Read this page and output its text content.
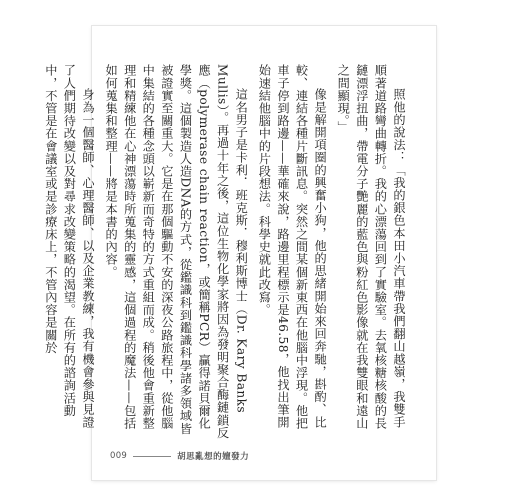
照他的說法：「我的銀色本田小汽車帶我們翻山越嶺，我雙手順著道路彎曲轉折。我的心漂蕩回到了實驗室。去氧核糖核酸的長鏈漂浮扭曲，帶電分子艷麗的藍色與粉紅色影像就在我雙眼和遠山之間顯現。」

像是解開項圈的興奮小狗，他的思緒開始來回奔馳，斟酌、比較、連結各種片斷訊息。突然之間某個新東西在他腦中浮現。他把車子停到路邊——華確來說，路邊里程標示是46.58，他找出筆開始速結他腦中的片段想法。科學史就此改寫。

這名男子是卡利．班克斯．穆利斯博士（Dr. Kary Banks Mullis）。再過十年之後，這位生物化學家將因為發明聚合酶鏈鎖反應（polymerase chain reaction，或簡稱PCR）贏得諾貝爾化學獎。這個製造人造DNA的方式，從鑑識科到鑑識科學諸多領域皆被證實至關重大。它是在那個驅動不安的深夜公路旅程中，從他腦中集結的各種念頭以嶄新而奇特的方式重組而成。稍後他會重新整理和精練他在心神漂蕩時所蒐集的靈感，這個過程的魔法——包括如何蒐集和整理——將是本書的內容。

身為一個醫師、心理醫師、以及企業教練，我有機會參與見證了人們期待改變以及對尋求改變策略的渴望。在所有的諮詢活動中，不管是在會議室或是診療床上，不管內容是關於

009	胡思亂想的嬗發力
